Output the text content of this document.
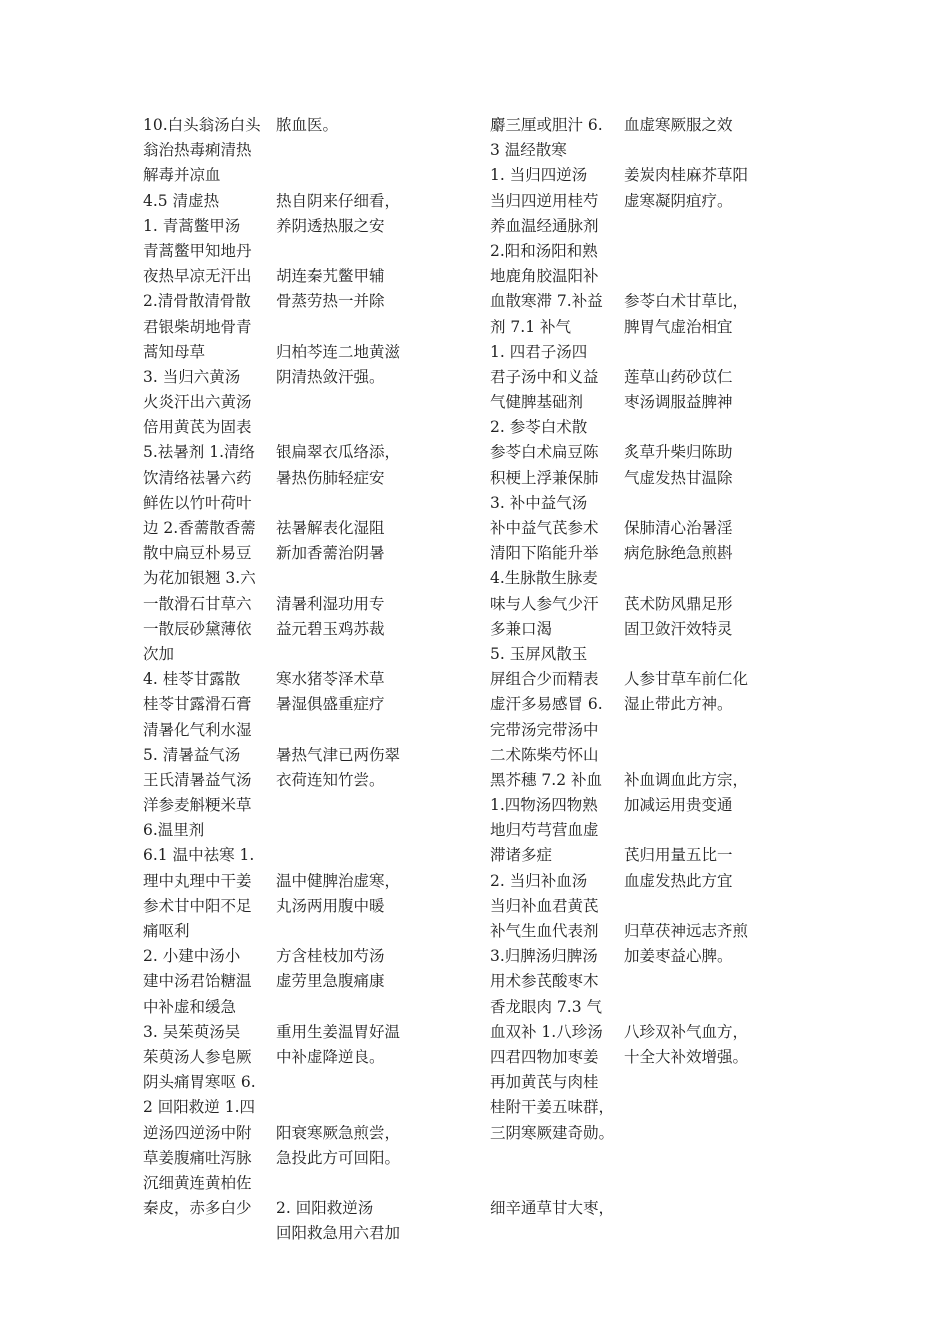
10.白头翁汤白头
翁治热毒痢清热
解毒并凉血
4.5 清虚热
1. 青蒿鳖甲汤
青蒿鳖甲知地丹
夜热早凉无汗出
2.清骨散清骨散
君银柴胡地骨青
蒿知母草
3. 当归六黄汤
火炎汗出六黄汤
倍用黄芪为固表
5.祛暑剂 1.清络
饮清络祛暑六药
鲜佐以竹叶荷叶
边 2.香薷散香薷
散中扁豆朴易豆
为花加银翘 3.六
一散滑石甘草六
一散辰砂黛薄依
次加
4. 桂苓甘露散
桂苓甘露滑石膏
清暑化气利水湿
5. 清暑益气汤
王氏清暑益气汤
洋参麦斛粳米草
6.温里剂
6.1 温中祛寒 1.
理中丸理中干姜
参术甘中阳不足
痛呕利
2. 小建中汤小
建中汤君饴糖温
中补虚和缓急
3. 吴茱萸汤吴
茱萸汤人参皂厥
阴头痛胃寒呕 6.
2 回阳救逆 1.四
逆汤四逆汤中附
草姜腹痛吐泻脉
沉细黄连黄柏佐
秦皮，赤多白少
脓血医。
热自阴来仔细看，
养阴透热服之安
胡连秦艽鳖甲辅
骨蒸劳热一并除
归柏芩连二地黄滋
阴清热敛汗强。
银扁翠衣瓜络添，
暑热伤肺轻症安
祛暑解表化湿阻
新加香薷治阴暑
清暑利湿功用专
益元碧玉鸡苏裁
寒水猪苓泽术草
暑湿俱盛重症疗
暑热气津已两伤翠
衣荷连知竹尝。
温中健脾治虚寒，
丸汤两用腹中暖
方含桂枝加芍汤
虚劳里急腹痛康
重用生姜温胃好温
中补虚降逆良。
阳衰寒厥急煎尝，
急投此方可回阳。
2. 回阳救逆汤
回阳救急用六君加
麝三厘或胆汁 6.
3 温经散寒
1. 当归四逆汤
当归四逆用桂芍
养血温经通脉剂
2.阳和汤阳和熟
地鹿角胶温阳补
血散寒滞 7.补益
剂 7.1 补气
1. 四君子汤四
君子汤中和义益
气健脾基础剂
2. 参苓白术散
参苓白术扁豆陈
积梗上浮兼保肺
3. 补中益气汤
补中益气芪参术
清阳下陷能升举
4.生脉散生脉麦
味与人参气少汗
多兼口渴
5. 玉屏风散玉
屏组合少而精表
虚汗多易感冒 6.
完带汤完带汤中
二术陈柴芍怀山
黑芥穗 7.2 补血
1.四物汤四物熟
地归芍芎营血虚
滞诸多症
2. 当归补血汤
当归补血君黄芪
补气生血代表剂
3.归脾汤归脾汤
用术参芪酸枣木
香龙眼肉 7.3 气
血双补 1.八珍汤
四君四物加枣姜
再加黄芪与肉桂
桂附干姜五味群，
三阴寒厥建奇勋。
细辛通草甘大枣，
血虚寒厥服之效
姜炭肉桂麻芥草阳
虚寒凝阴疽疗。
参苓白术甘草比，
脾胃气虚治相宜
莲草山药砂苡仁
枣汤调服益脾神
炙草升柴归陈助
气虚发热甘温除
保肺清心治暑淫
病危脉绝急煎斟
芪术防风鼎足形
固卫敛汗效特灵
人参甘草车前仁化
湿止带此方神。
补血调血此方宗，
加减运用贵变通
芪归用量五比一
血虚发热此方宜
归草茯神远志齐煎
加姜枣益心脾。
八珍双补气血方，
十全大补效增强。
